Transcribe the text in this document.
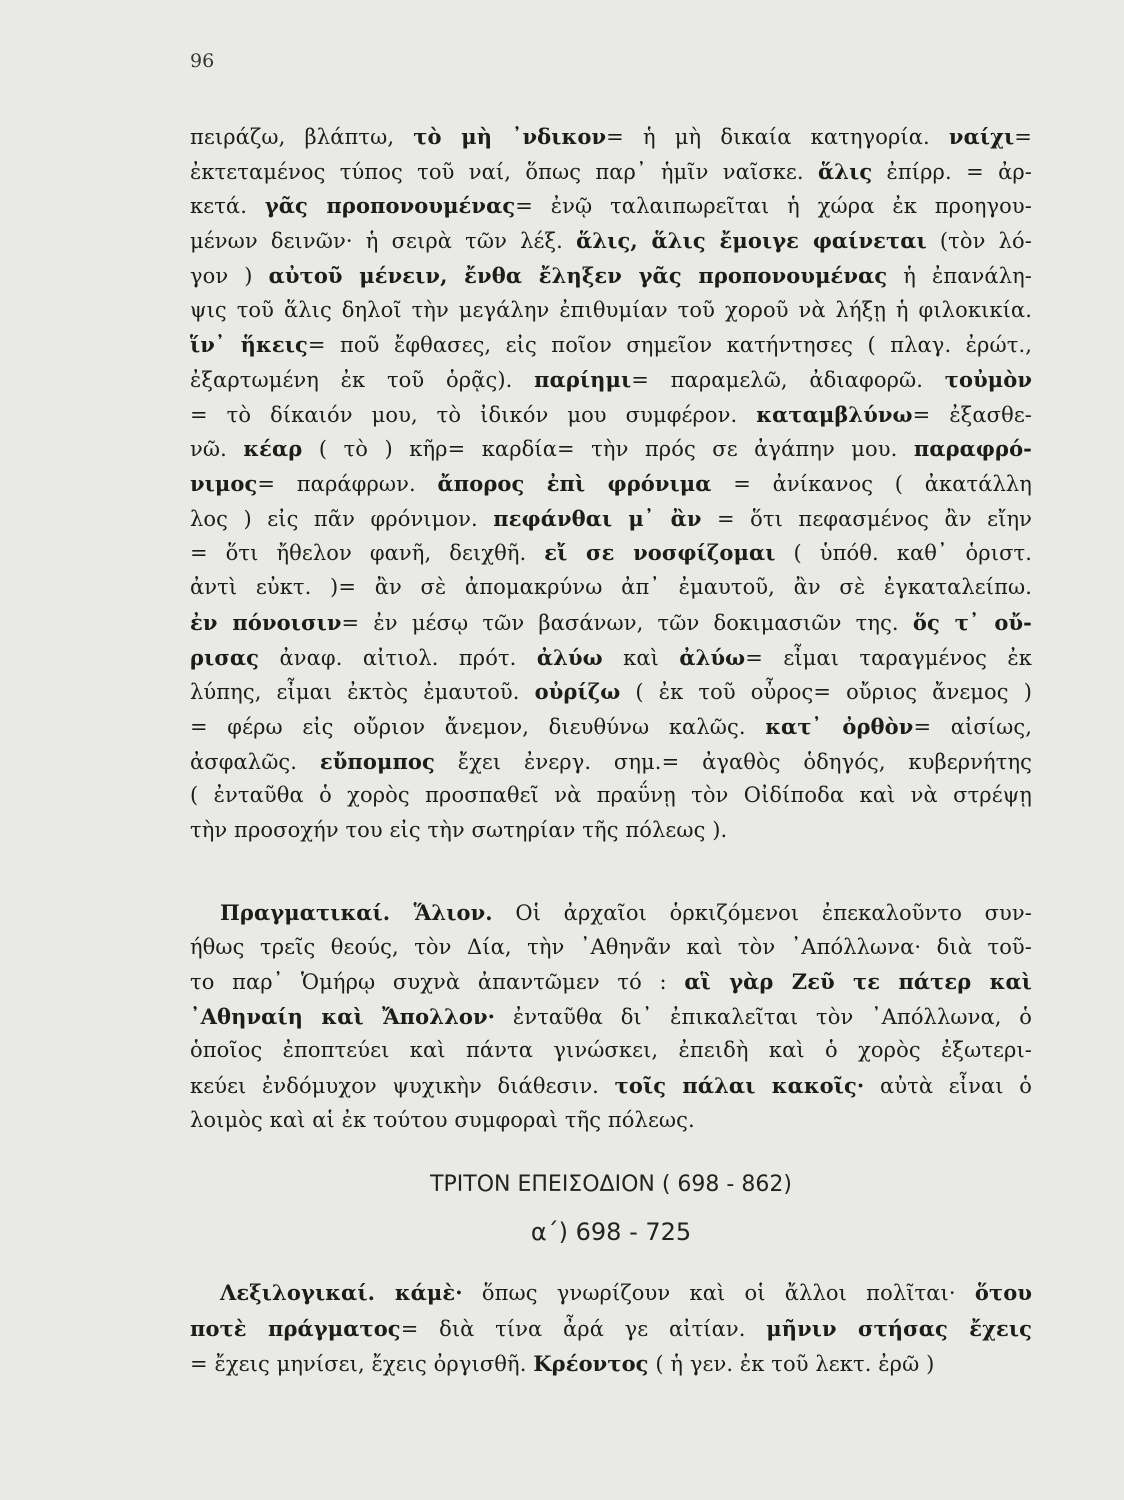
96
ΤΡΙΤΟΝ ΕΠΕΙΣΟΔΙΟΝ ( 698 - 862)
α΄) 698 - 725
πειράζω, βλάπτω, τὸ μὴ ᾽νδικον= ἡ μὴ δικαία κατηγορία. ναίχι=
ἐκτεταμένος τύπος τοῦ ναί, ὅπως παρ᾽ ἡμῖν ναῖσκε. ἅλις ἐπίρρ. = ἀρ-
κετά. γᾶς προπονουμένας= ἐνῷ ταλαιπωρεῖται ἡ χώρα ἐκ προηγου-
μένων δεινῶν· ἡ σειρὰ τῶν λέξ. ἅλις, ἅλις ἔμοιγε φαίνεται (τὸν λό-
γον ) αὐτοῦ μένειν, ἔνθα ἔληξεν γᾶς προπονουμένας ἡ ἐπανάλη-
ψις τοῦ ἅλις δηλοῖ τὴν μεγάλην ἐπιθυμίαν τοῦ χοροῦ νὰ λήξῃ ἡ φιλοκικία.
ἵν᾽ ἥκεις= ποῦ ἔφθασες, εἰς ποῖον σημεῖον κατήντησες ( πλαγ. ἐρώτ.,
ἐξαρτωμένη ἐκ τοῦ ὁρᾷς). παρίημι= παραμελῶ, ἀδιαφορῶ. τοὐμὸν
= τὸ δίκαιόν μου, τὸ ἰδικόν μου συμφέρον. καταμβλύνω= ἐξασθε-
νῶ. κέαρ ( τὸ ) κῆρ= καρδία= τὴν πρός σε ἀγάπην μου. παραφρό-
νιμος= παράφρων. ἄπορος ἐπὶ φρόνιμα = ἀνίκανος ( ἀκατάλλη
λος ) εἰς πᾶν φρόνιμον. πεφάνθαι μ᾽ ἂν = ὅτι πεφασμένος ἂν εἴην
= ὅτι ἤθελον φανῆ, δειχθῆ. εἴ σε νοσφίζομαι ( ὑπόθ. καθ᾽ ὁριστ.
ἀντὶ εὐκτ. )= ἂν σὲ ἀπομακρύνω ἀπ᾽ ἐμαυτοῦ, ἂν σὲ ἐγκαταλείπω.
ἐν πόνοισιν= ἐν μέσῳ τῶν βασάνων, τῶν δοκιμασιῶν της. ὅς τ᾽ οὔ-
ρισας ἀναφ. αἰτιολ. πρότ. ἀλύω καὶ ἀλύω= εἶμαι ταραγμένος ἐκ
λύπης, εἶμαι ἐκτὸς ἐμαυτοῦ. οὐρίζω ( ἐκ τοῦ οὖρος= οὔριος ἄνεμος )
= φέρω εἰς οὔριον ἄνεμον, διευθύνω καλῶς. κατ᾽ ὀρθὸν= αἰσίως,
ἀσφαλῶς. εὔπομπος ἔχει ἐνεργ. σημ.= ἀγαθὸς ὁδηγός, κυβερνήτης
( ἐνταῦθα ὁ χορὸς προσπαθεῖ νὰ πραΰνῃ τὸν Οἰδίποδα καὶ νὰ στρέψῃ
τὴν προσοχήν του εἰς τὴν σωτηρίαν τῆς πόλεως ).
Πραγματικαί. Ἅλιον. Οἱ ἀρχαῖοι ὁρκιζόμενοι ἐπεκαλοῦντο συν-
ήθως τρεῖς θεούς, τὸν Δία, τὴν ᾽Αθηνᾶν καὶ τὸν ᾽Απόλλωνα· διὰ τοῦ-
το παρ᾽ Ὁμήρῳ συχνὰ ἀπαντῶμεν τό : αἳ γὰρ Ζεῦ τε πάτερ καὶ
᾽Αθηναίη καὶ Ἄπολλον· ἐνταῦθα δι᾽ ἐπικαλεῖται τὸν ᾽Απόλλωνα, ὁ
ὁποῖος ἐποπτεύει καὶ πάντα γινώσκει, ἐπειδὴ καὶ ὁ χορὸς ἐξωτερι-
κεύει ἐνδόμυχον ψυχικὴν διάθεσιν. τοῖς πάλαι κακοῖς· αὐτὰ εἶναι ὁ
λοιμὸς καὶ αἱ ἐκ τούτου συμφοραὶ τῆς πόλεως.
Λεξιλογικαί. κάμὲ· ὅπως γνωρίζουν καὶ οἱ ἄλλοι πολῖται· ὅτου
ποτὲ πράγματος= διὰ τίνα ἆρά γε αἰτίαν. μῆνιν στήσας ἔχεις
= ἔχεις μηνίσει, ἔχεις ὀργισθῆ. Κρέοντος ( ἡ γεν. ἐκ τοῦ λεκτ. ἐρῶ )
